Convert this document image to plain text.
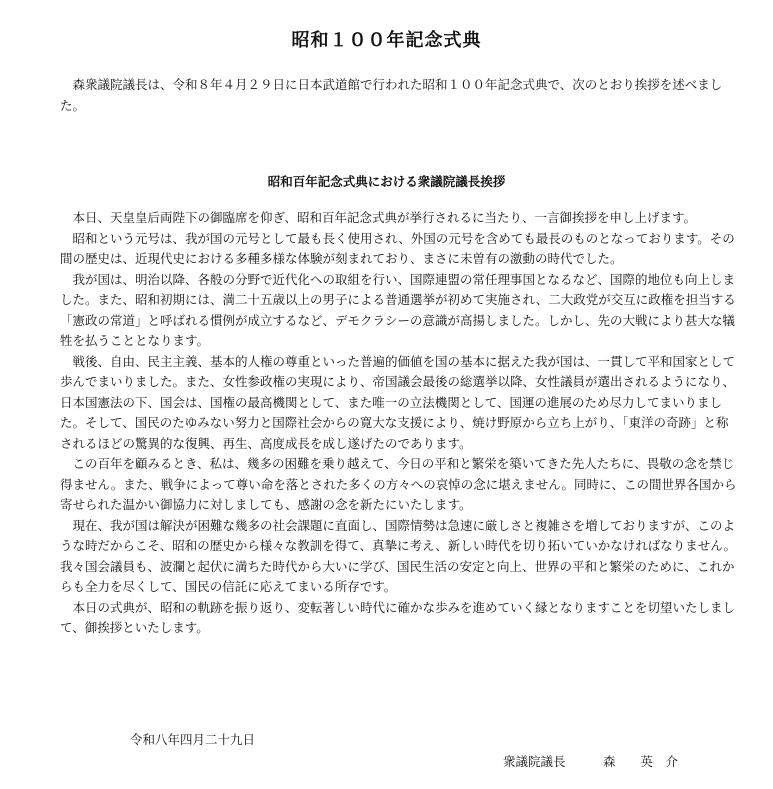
昭和１００年記念式典
森衆議院議長は、令和８年４月２９日に日本武道館で行われた昭和１００年記念式典で、次のとおり挨拶を述べました。
昭和百年記念式典における衆議院議長挨拶

本日、天皇皇后両陛下の御臨席を仰ぎ、昭和百年記念式典が挙行されるに当たり、一言御挨拶を申し上げます。

昭和という元号は、我が国の元号として最も長く使用され、外国の元号を含めても最長のものとなっております。その間の歴史は、近現代史における多種多様な体験が刻まれており、まさに未曽有の激動の時代でした。

我が国は、明治以降、各般の分野で近代化への取組を行い、国際連盟の常任理事国となるなど、国際的地位も向上しました。また、昭和初期には、満二十五歳以上の男子による普通選挙が初めて実施され、二大政党が交互に政権を担当する「憲政の常道」と呼ばれる慣例が成立するなど、デモクラシーの意識が高揚しました。しかし、先の大戦により甚大な犠牲を払うこととなります。

戦後、自由、民主主義、基本的人権の尊重といった普遍的価値を国の基本に据えた我が国は、一貫して平和国家として歩んでまいりました。また、女性参政権の実現により、帝国議会最後の総選挙以降、女性議員が選出されるようになり、日本国憲法の下、国会は、国権の最高機関として、また唯一の立法機関として、国運の進展のため尽力してまいりました。そして、国民のたゆみない努力と国際社会からの寛大な支援により、焼け野原から立ち上がり、「東洋の奇跡」と称されるほどの驚異的な復興、再生、高度成長を成し遂げたのであります。

この百年を顧みるとき、私は、幾多の困難を乗り越えて、今日の平和と繁栄を築いてきた先人たちに、畏敬の念を禁じ得ません。また、戦争によって尊い命を落とされた多くの方々への哀悼の念に堪えません。同時に、この間世界各国から寄せられた温かい御協力に対しましても、感謝の念を新たにいたします。

現在、我が国は解決が困難な幾多の社会課題に直面し、国際情勢は急速に厳しさと複雑さを増しておりますが、このような時だからこそ、昭和の歴史から様々な教訓を得て、真摯に考え、新しい時代を切り拓いていかなければなりません。我々国会議員も、波瀾と起伏に満ちた時代から大いに学び、国民生活の安定と向上、世界の平和と繁栄のために、これからも全力を尽くして、国民の信託に応えてまいる所存です。

本日の式典が、昭和の軌跡を振り返り、変転著しい時代に確かな歩みを進めていく縁となりますことを切望いたしまして、御挨拶といたします。

令和八年四月二十九日
衆議院議長　　　森　　英　介
